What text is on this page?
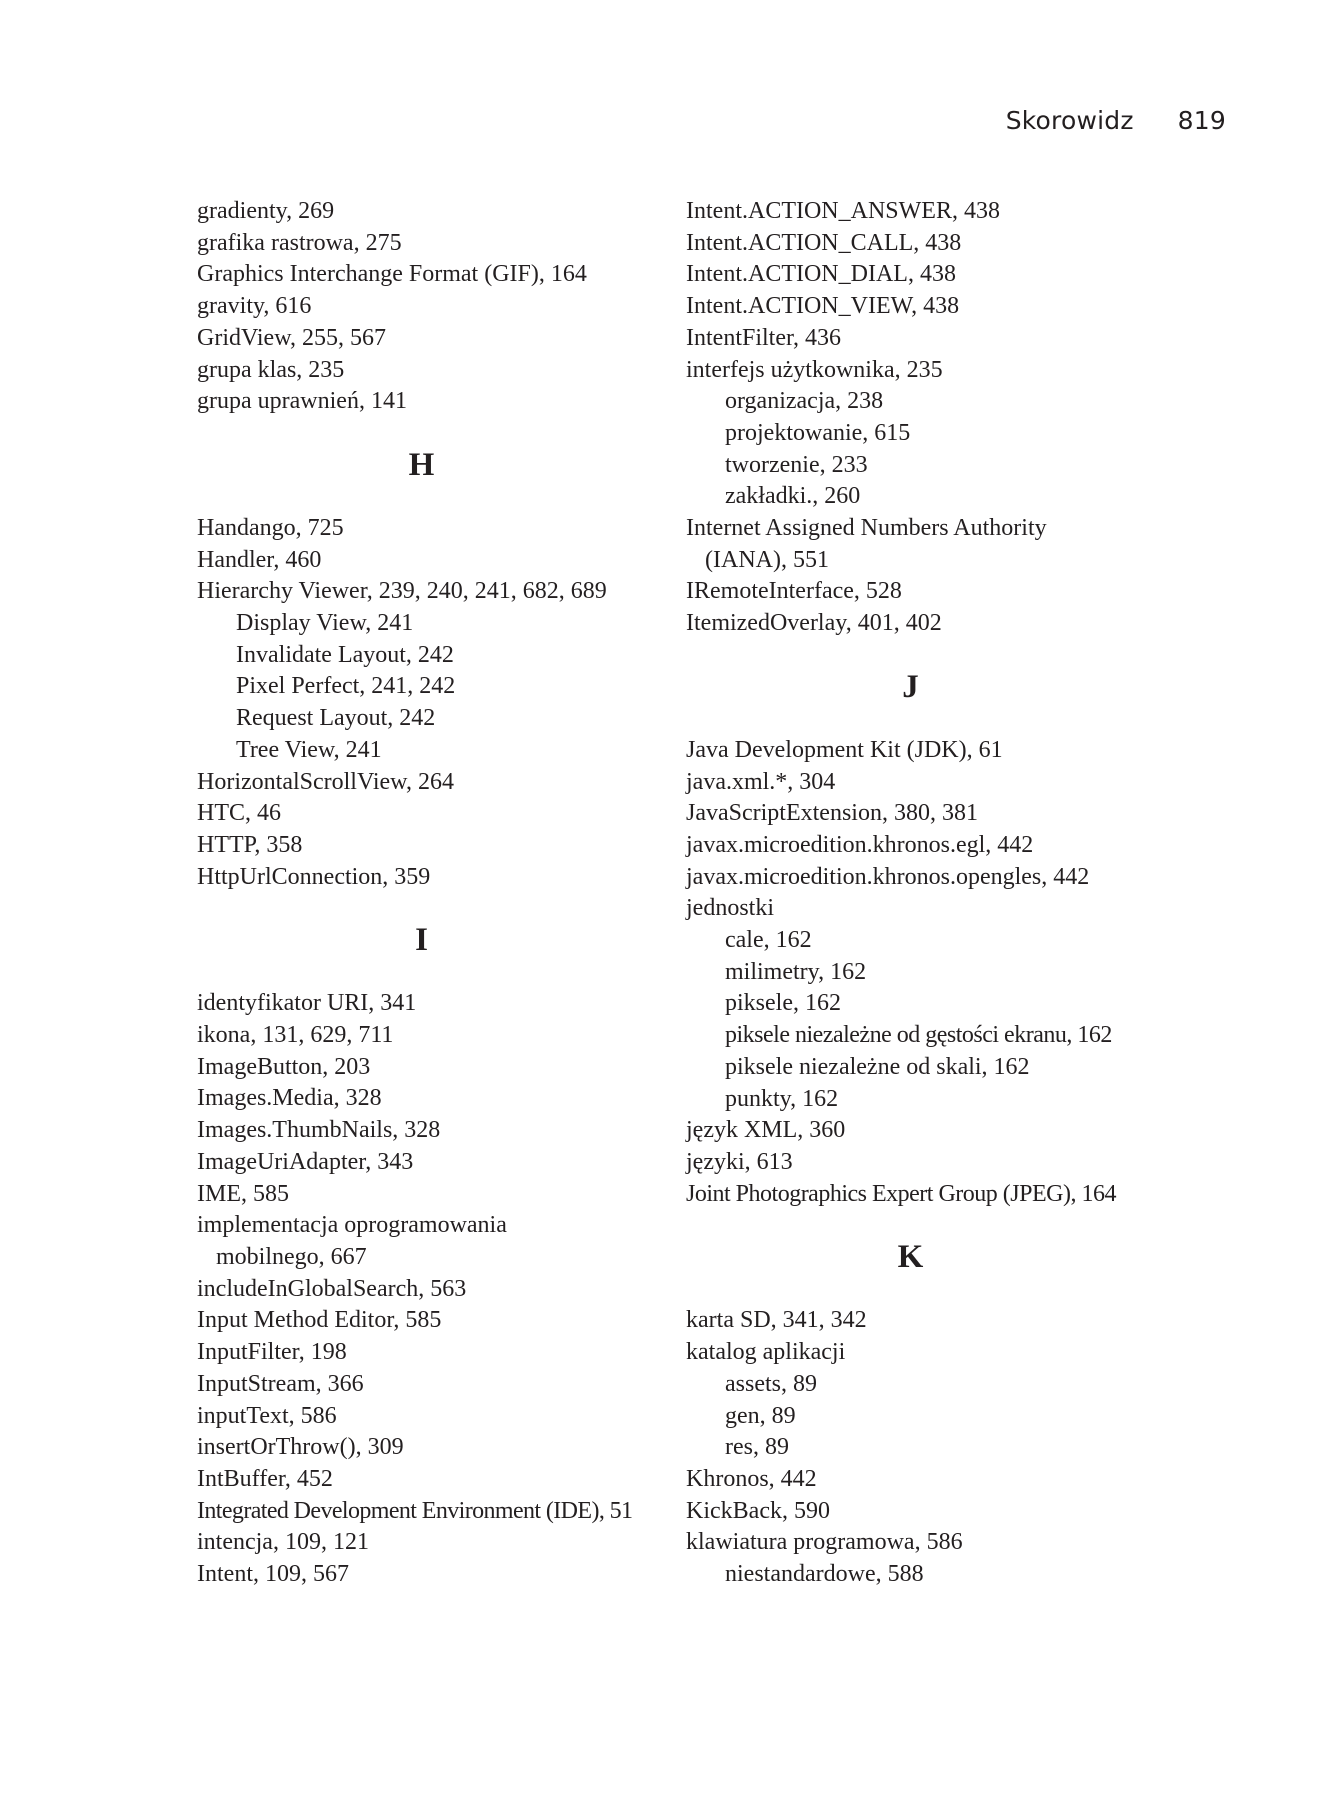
Skorowidz 819
gradienty, 269
grafika rastrowa, 275
Graphics Interchange Format (GIF), 164
gravity, 616
GridView, 255, 567
grupa klas, 235
grupa uprawnień, 141
H
Handango, 725
Handler, 460
Hierarchy Viewer, 239, 240, 241, 682, 689
Display View, 241
Invalidate Layout, 242
Pixel Perfect, 241, 242
Request Layout, 242
Tree View, 241
HorizontalScrollView, 264
HTC, 46
HTTP, 358
HttpUrlConnection, 359
I
identyfikator URI, 341
ikona, 131, 629, 711
ImageButton, 203
Images.Media, 328
Images.ThumbNails, 328
ImageUriAdapter, 343
IME, 585
implementacja oprogramowania
mobilnego, 667
includeInGlobalSearch, 563
Input Method Editor, 585
InputFilter, 198
InputStream, 366
inputText, 586
insertOrThrow(), 309
IntBuffer, 452
Integrated Development Environment (IDE), 51
intencja, 109, 121
Intent, 109, 567
Intent.ACTION_ANSWER, 438
Intent.ACTION_CALL, 438
Intent.ACTION_DIAL, 438
Intent.ACTION_VIEW, 438
IntentFilter, 436
interfejs użytkownika, 235
organizacja, 238
projektowanie, 615
tworzenie, 233
zakładki., 260
Internet Assigned Numbers Authority
(IANA), 551
IRemoteInterface, 528
ItemizedOverlay, 401, 402
J
Java Development Kit (JDK), 61
java.xml.*, 304
JavaScriptExtension, 380, 381
javax.microedition.khronos.egl, 442
javax.microedition.khronos.opengles, 442
jednostki
cale, 162
milimetry, 162
piksele, 162
piksele niezależne od gęstości ekranu, 162
piksele niezależne od skali, 162
punkty, 162
język XML, 360
języki, 613
Joint Photographics Expert Group (JPEG), 164
K
karta SD, 341, 342
katalog aplikacji
assets, 89
gen, 89
res, 89
Khronos, 442
KickBack, 590
klawiatura programowa, 586
niestandardowe, 588
